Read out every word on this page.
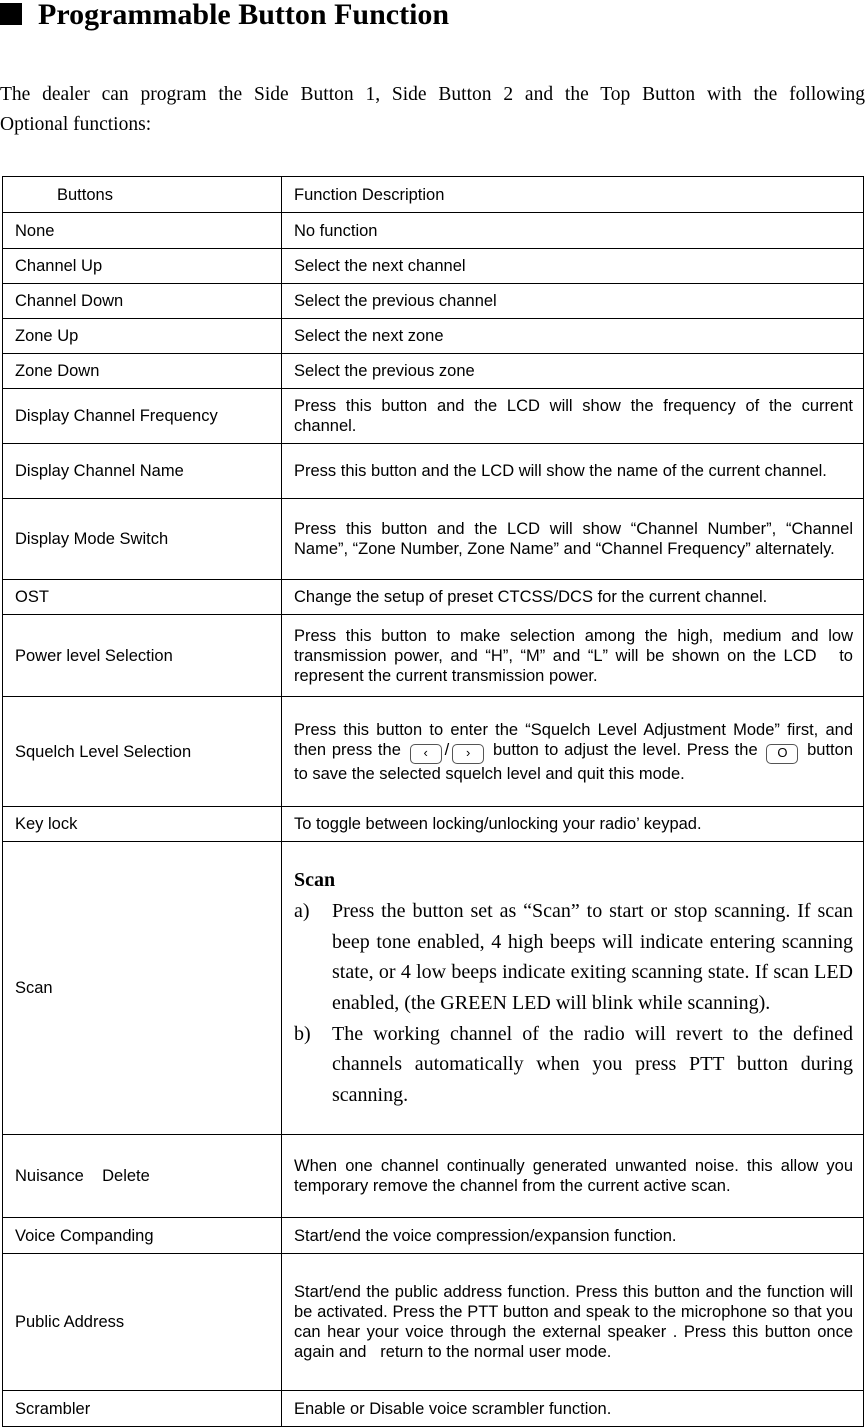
Programmable Button Function

The dealer can program the Side Button 1, Side Button 2 and the Top Button with the following

Optional functions:

Buttons	Function Description
None	No function
Channel Up	Select the next channel
Channel Down	Select the previous channel
Zone Up	Select the next zone
Zone Down	Select the previous zone
Display Channel Frequency	Press this button and the LCD will show the frequency of the current channel.
Display Channel Name	Press this button and the LCD will show the name of the current channel.
Display Mode Switch	Press this button and the LCD will show “Channel Number”, “Channel Name”, “Zone Number, Zone Name” and “Channel Frequency” alternately.
OST	Change the setup of preset CTCSS/DCS for the current channel.
Power level Selection	Press this button to make selection among the high, medium and low transmission power, and “H”, “M” and “L” will be shown on the LCD   to represent the current transmission power.
Squelch Level Selection	Press this button to enter the “Squelch Level Adjustment Mode” first, and then press the ‹ / › button to adjust the level. Press the O button to save the selected squelch level and quit this mode.
Key lock	To toggle between locking/unlocking your radio’ keypad.
Scan	Scan
a) Press the button set as “Scan” to start or stop scanning. If scan beep tone enabled, 4 high beeps will indicate entering scanning state, or 4 low beeps indicate exiting scanning state. If scan LED enabled, (the GREEN LED will blink while scanning).
b) The working channel of the radio will revert to the defined channels automatically when you press PTT button during scanning.

Nuisance    Delete	When one channel continually generated unwanted noise. this allow you temporary remove the channel from the current active scan.
Voice Companding	Start/end the voice compression/expansion function.
Public Address	Start/end the public address function. Press this button and the function will be activated. Press the PTT button and speak to the microphone so that you can hear your voice through the external speaker . Press this button once again and   return to the normal user mode.
Scrambler	Enable or Disable voice scrambler function.
